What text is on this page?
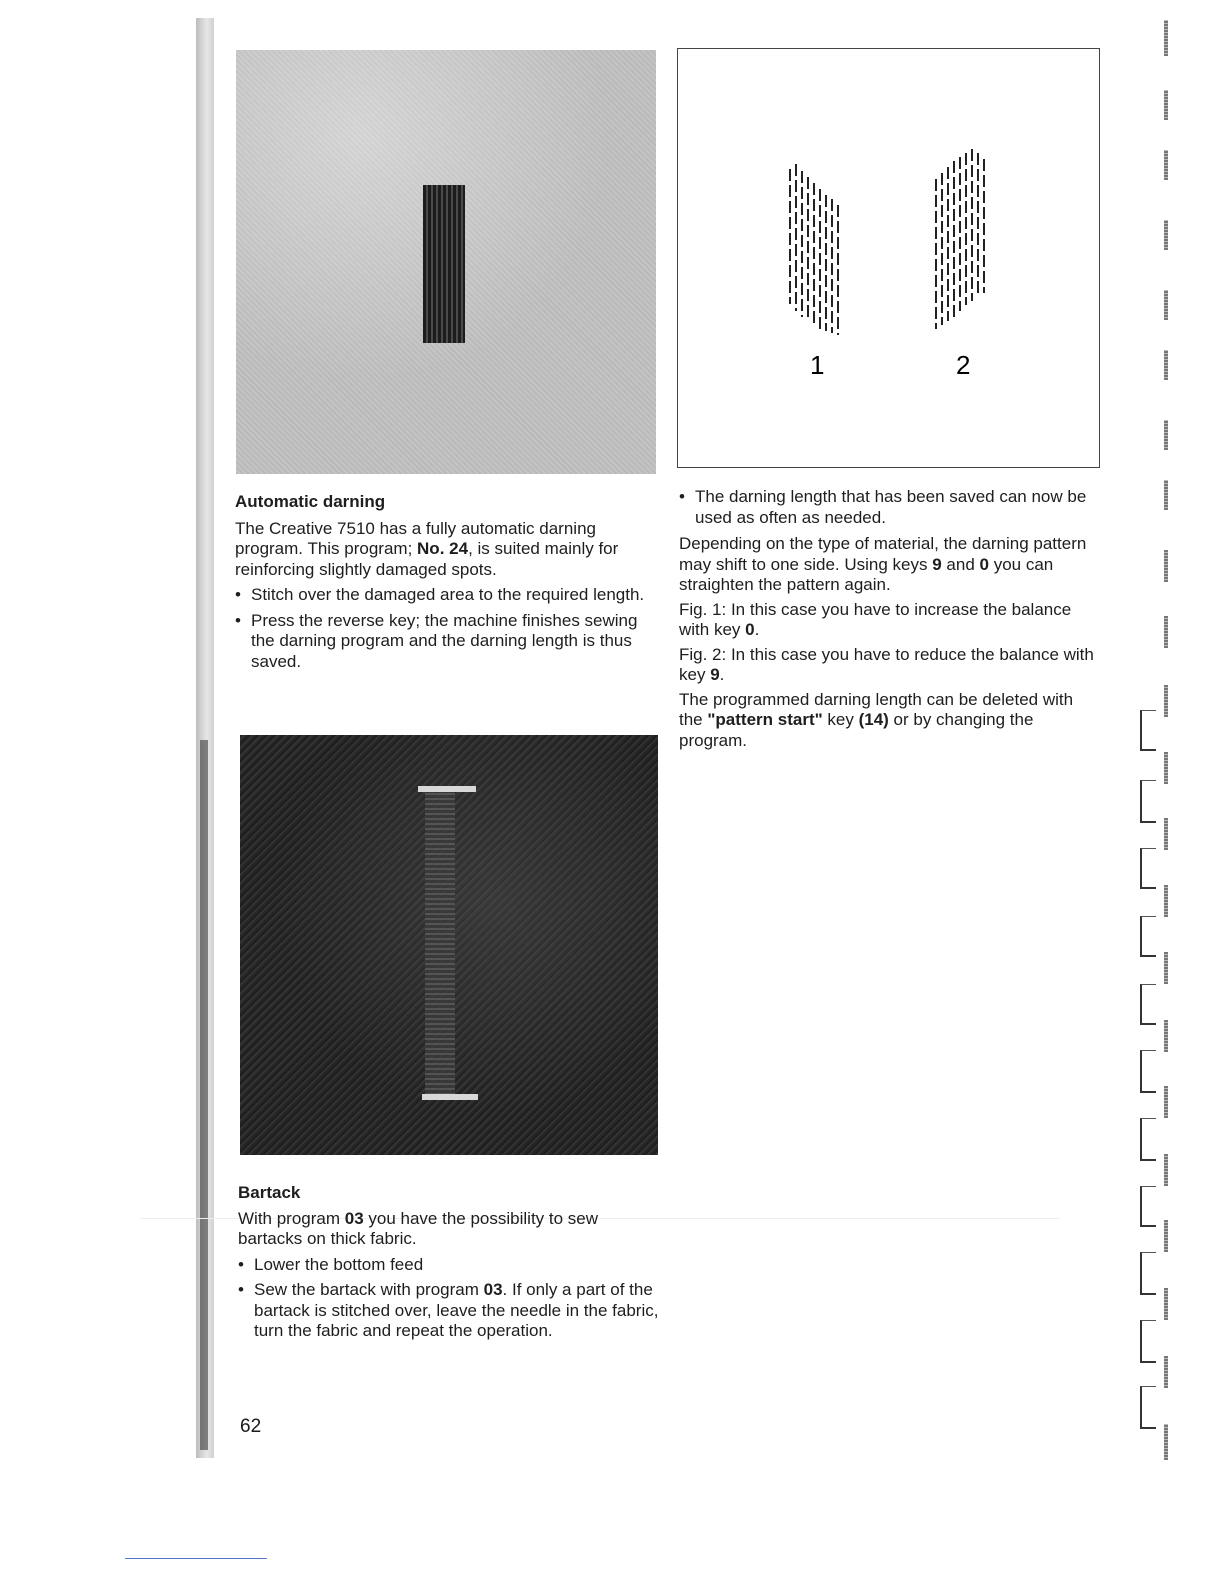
1	2

Automatic darning

The Creative 7510 has a fully automatic darning program. This program; No. 24, is suited mainly for reinforcing slightly damaged spots.

• Stitch over the damaged area to the required length.

• Press the reverse key; the machine finishes sewing the darning program and the darning length is thus saved.

• The darning length that has been saved can now be used as often as needed.

Depending on the type of material, the darning pattern may shift to one side. Using keys 9 and 0 you can straighten the pattern again.

Fig. 1: In this case you have to increase the balance with key 0.

Fig. 2: In this case you have to reduce the balance with key 9.

The programmed darning length can be deleted with the "pattern start" key (14) or by changing the program.

Bartack

With program 03 you have the possibility to sew bartacks on thick fabric.

• Lower the bottom feed

• Sew the bartack with program 03. If only a part of the bartack is stitched over, leave the needle in the fabric, turn the fabric and repeat the operation.

62
